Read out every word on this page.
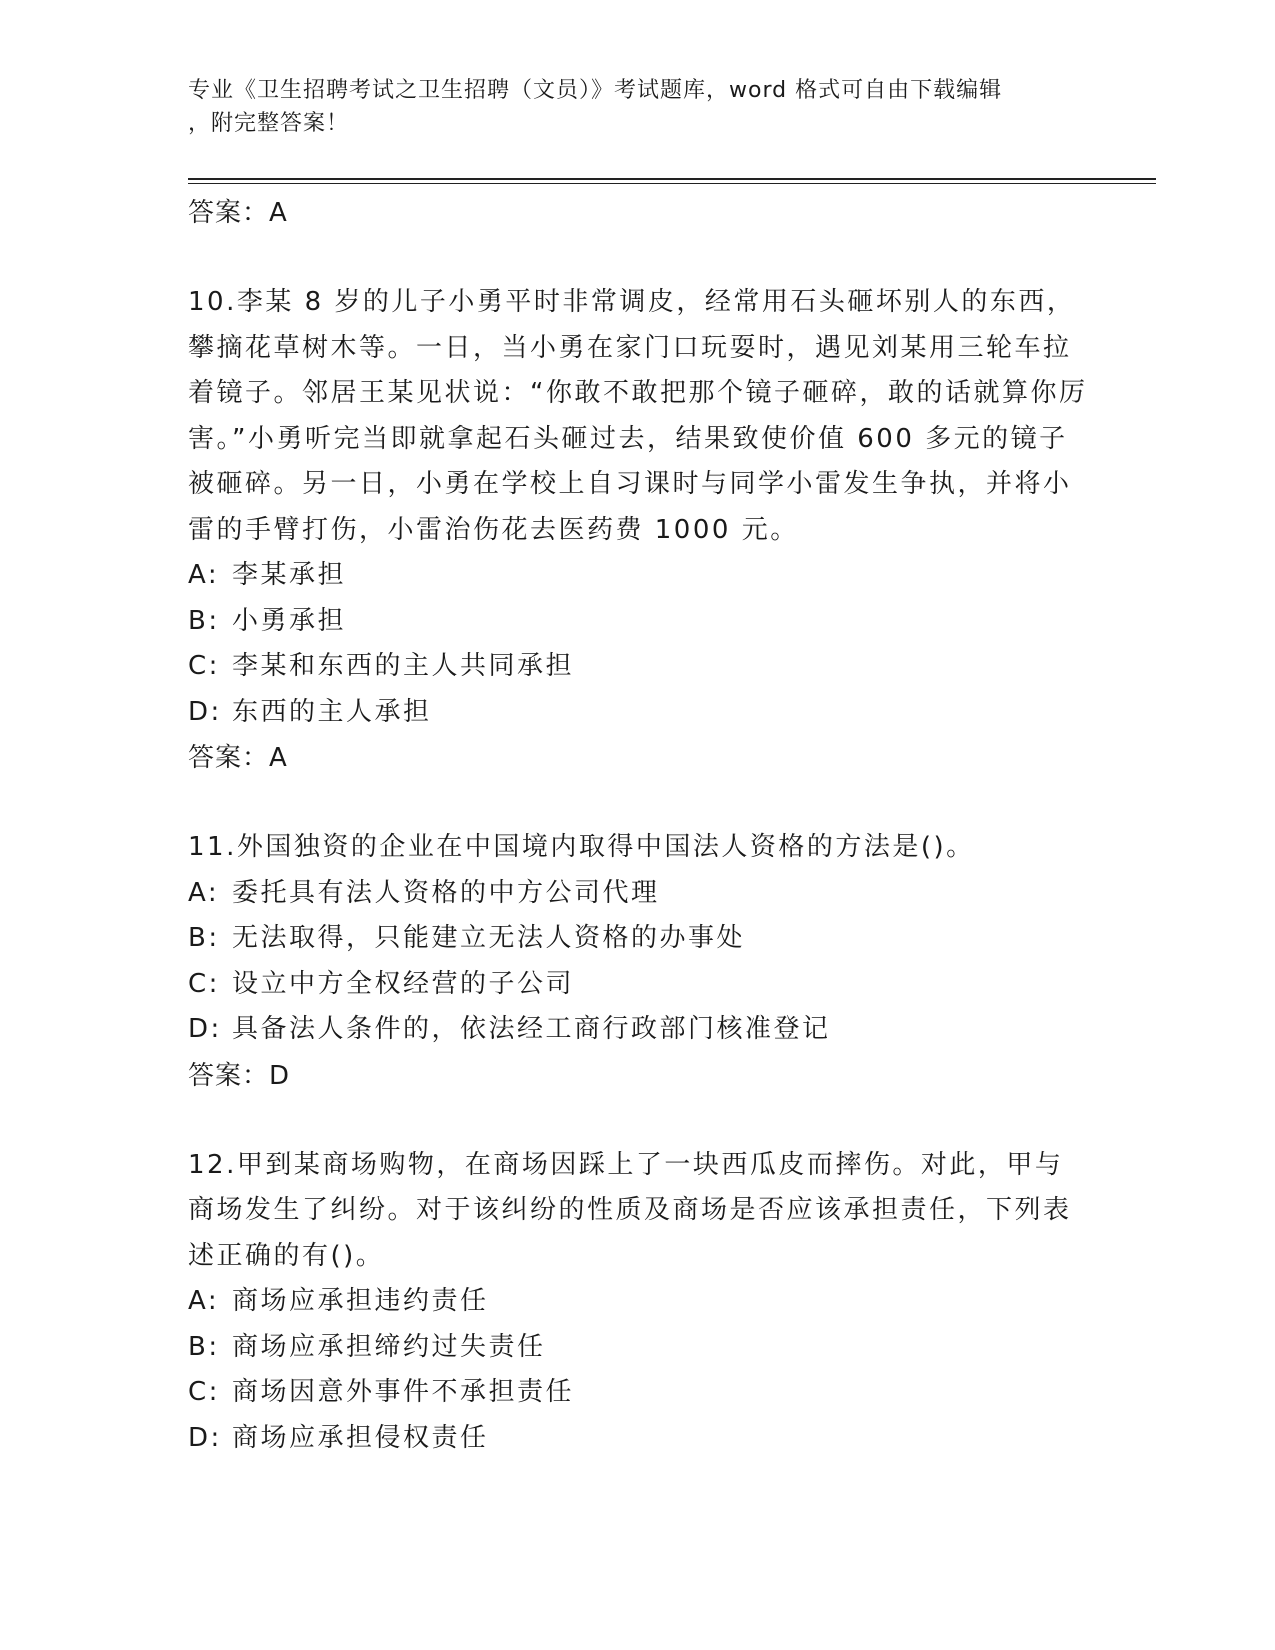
专业《卫生招聘考试之卫生招聘（文员）》考试题库，word 格式可自由下载编辑
，附完整答案！
答案：A
10.李某 8 岁的儿子小勇平时非常调皮，经常用石头砸坏别人的东西，攀摘花草树木等。一日，当小勇在家门口玩耍时，遇见刘某用三轮车拉着镜子。邻居王某见状说：“你敢不敢把那个镜子砸碎，敢的话就算你厉害。”小勇听完当即就拿起石头砸过去，结果致使价值 600 多元的镜子被砸碎。另一日，小勇在学校上自习课时与同学小雷发生争执，并将小雷的手臂打伤，小雷治伤花去医药费 1000 元。
A: 李某承担
B: 小勇承担
C: 李某和东西的主人共同承担
D: 东西的主人承担
答案：A
11.外国独资的企业在中国境内取得中国法人资格的方法是()。
A: 委托具有法人资格的中方公司代理
B: 无法取得，只能建立无法人资格的办事处
C: 设立中方全权经营的子公司
D: 具备法人条件的，依法经工商行政部门核准登记
答案：D
12.甲到某商场购物，在商场因踩上了一块西瓜皮而摔伤。对此，甲与商场发生了纠纷。对于该纠纷的性质及商场是否应该承担责任，下列表述正确的有()。
A: 商场应承担违约责任
B: 商场应承担缔约过失责任
C: 商场因意外事件不承担责任
D: 商场应承担侵权责任
